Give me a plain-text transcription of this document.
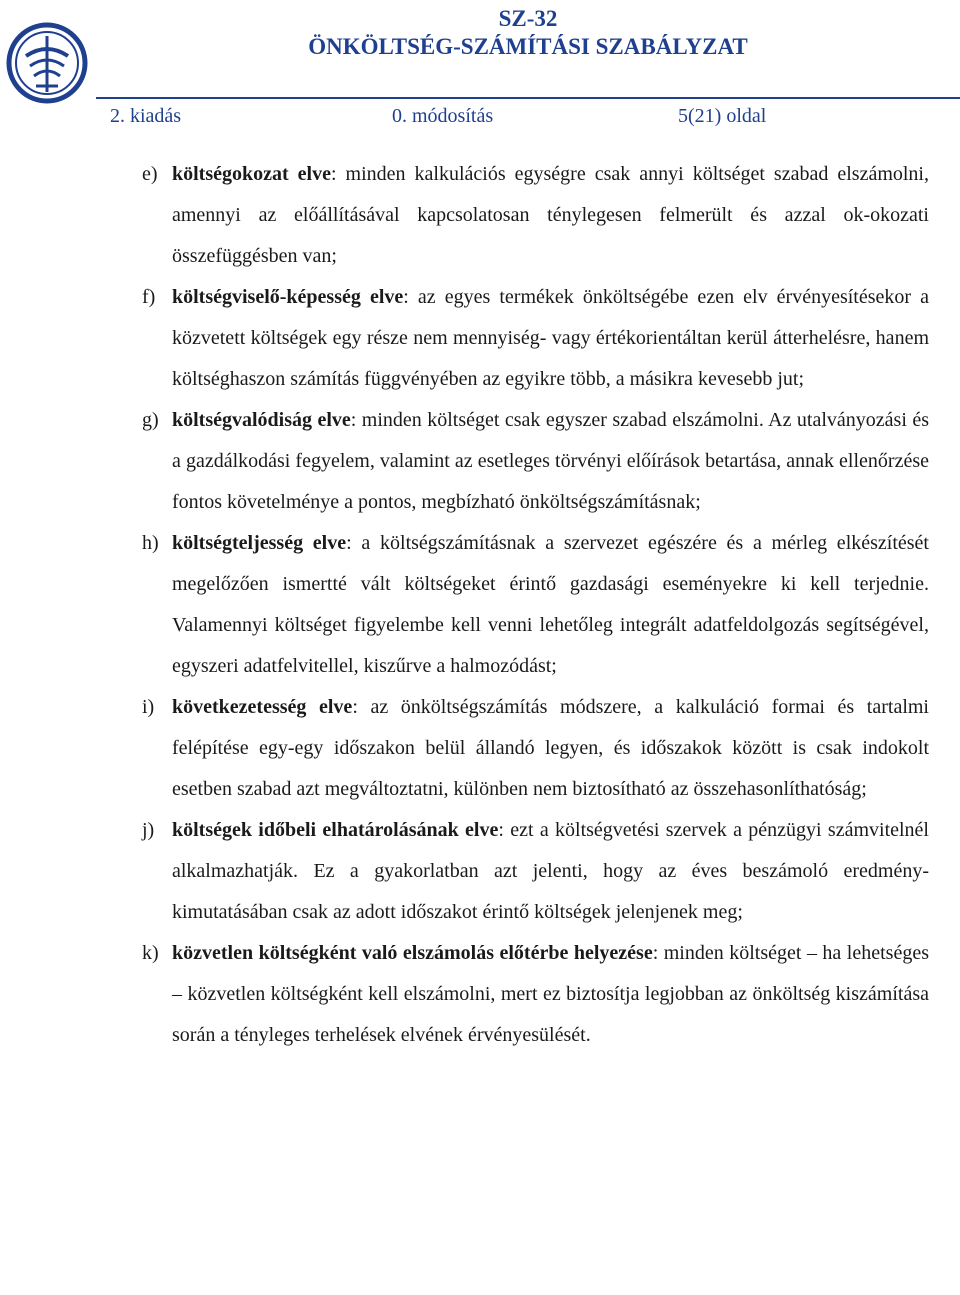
SZ-32
ÖNKÖLTSÉG-SZÁMÍTÁSI SZABÁLYZAT
2. kiadás	0. módosítás	5(21) oldal
e) költségokozat elve: minden kalkulációs egységre csak annyi költséget szabad elszámolni, amennyi az előállításával kapcsolatosan ténylegesen felmerült és azzal ok-okozati összefüggésben van;
f) költségviselő-képesség elve: az egyes termékek önköltségébe ezen elv érvényesítésekor a közvetett költségek egy része nem mennyiség- vagy értékorientáltan kerül átterhelésre, hanem költséghaszon számítás függvényében az egyikre több, a másikra kevesebb jut;
g) költségvalódiság elve: minden költséget csak egyszer szabad elszámolni. Az utalványozási és a gazdálkodási fegyelem, valamint az esetleges törvényi előírások betartása, annak ellenőrzése fontos követelménye a pontos, megbízható önköltségszámításnak;
h) költségteljesség elve: a költségszámításnak a szervezet egészére és a mérleg elkészítését megelőzően ismertté vált költségeket érintő gazdasági eseményekre ki kell terjednie. Valamennyi költséget figyelembe kell venni lehetőleg integrált adatfeldolgozás segítségével, egyszeri adatfelvitellel, kiszűrve a halmozódást;
i) következetesség elve: az önköltségszámítás módszere, a kalkuláció formai és tartalmi felépítése egy-egy időszakon belül állandó legyen, és időszakok között is csak indokolt esetben szabad azt megváltoztatni, különben nem biztosítható az összehasonlíthatóság;
j) költségek időbeli elhatárolásának elve: ezt a költségvetési szervek a pénzügyi számvitelnél alkalmazhatják. Ez a gyakorlatban azt jelenti, hogy az éves beszámoló eredmény-kimutatásában csak az adott időszakot érintő költségek jelenjenek meg;
k) közvetlen költségként való elszámolás előtérbe helyezése: minden költséget – ha lehetséges – közvetlen költségként kell elszámolni, mert ez biztosítja legjobban az önköltség kiszámítása során a tényleges terhelések elvének érvényesülését.
